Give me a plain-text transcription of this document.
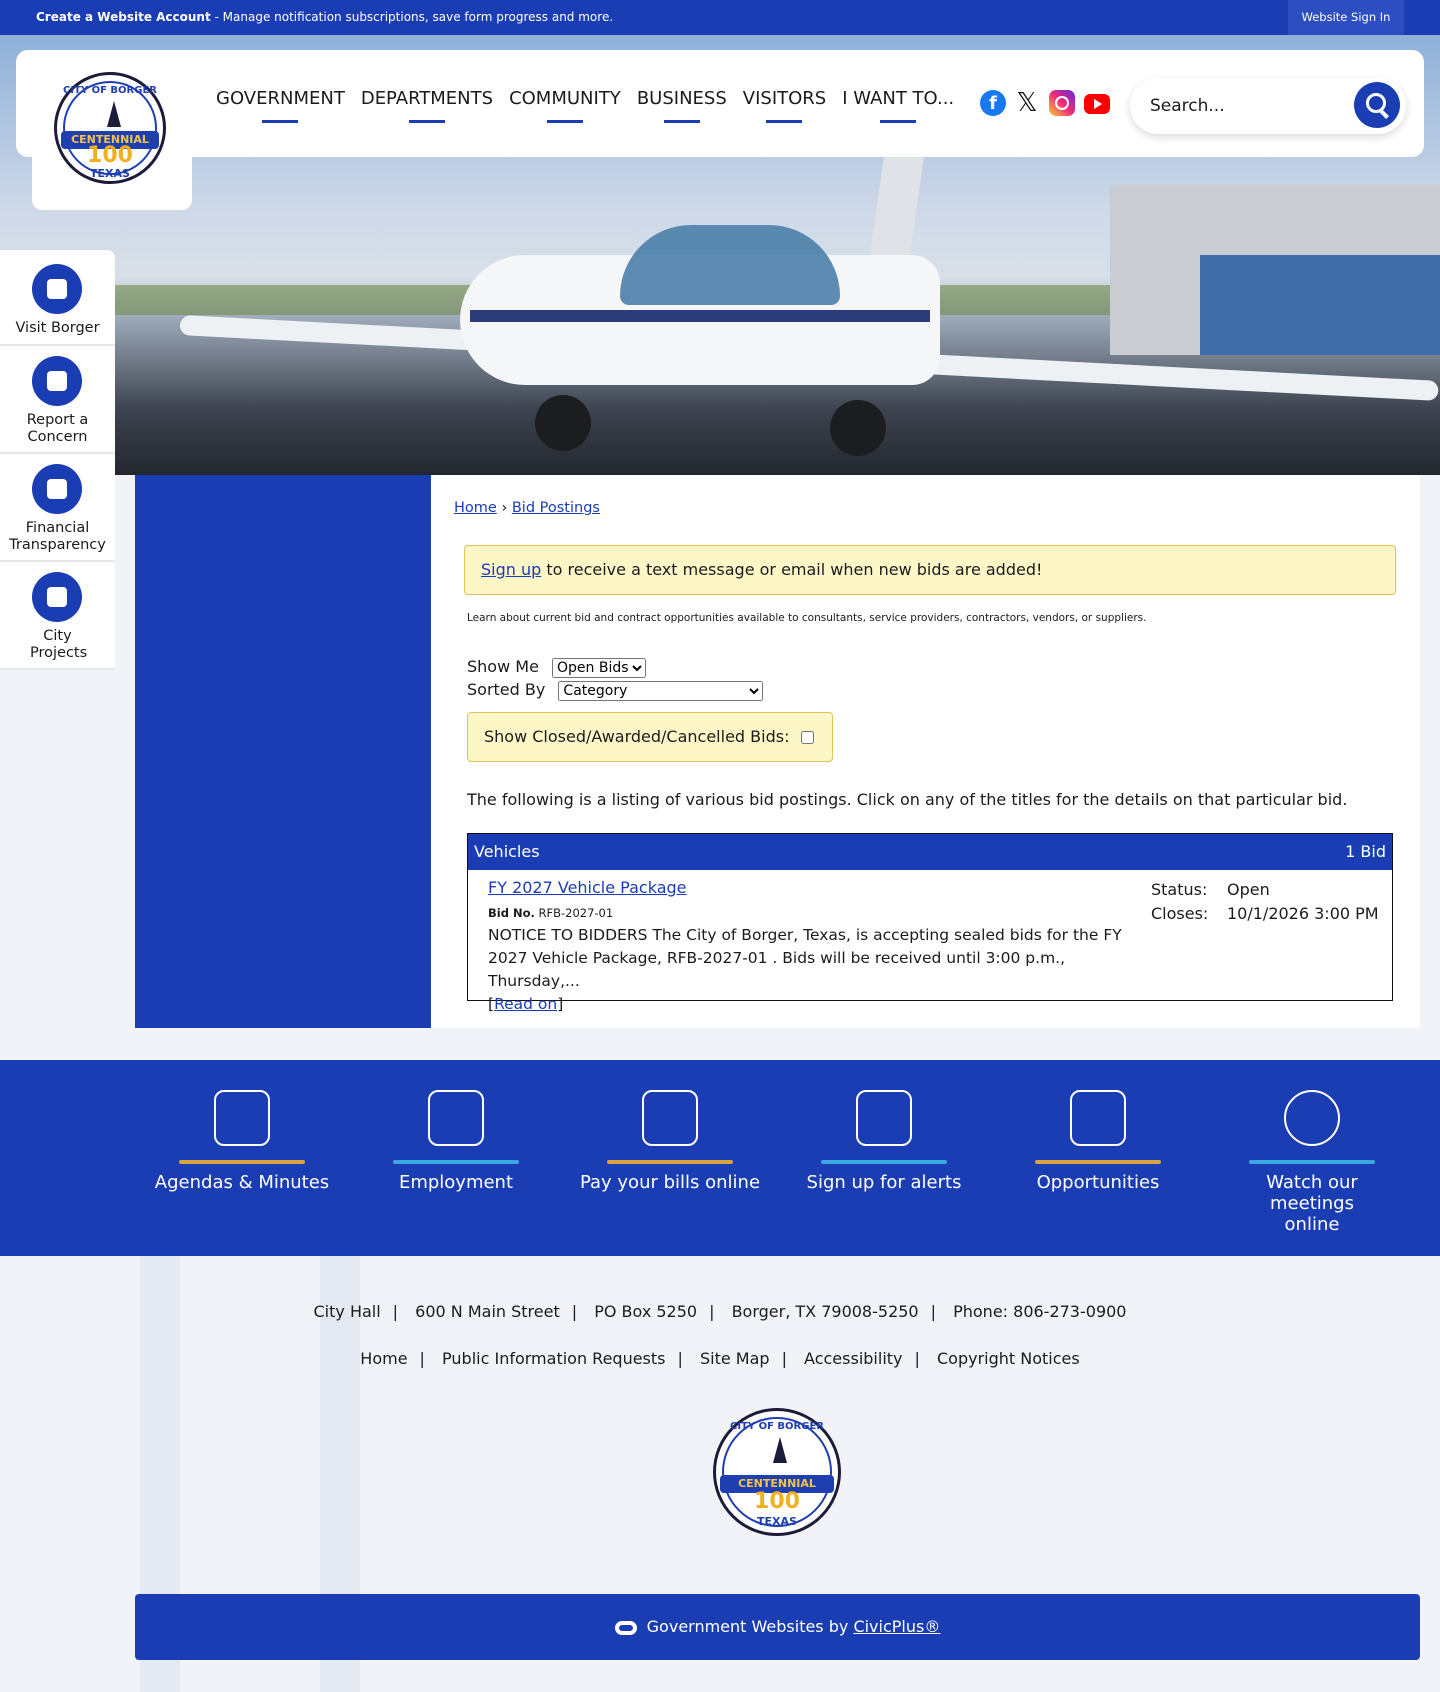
Create a Website Account - Manage notification subscriptions, save form progress and more.	Website Sign In
CITY OF BORGER
CENTENNIAL
100
TEXAS
GOVERNMENT DEPARTMENTS COMMUNITY BUSINESS VISITORS I WANT TO...	f 𝕏
Search...
Visit Borger
Report a Concern
Financial Transparency
City Projects
Home › Bid Postings
Sign up to receive a text message or email when new bids are added!
Learn about current bid and contract opportunities available to consultants, service providers, contractors, vendors, or suppliers.
Show Me
Open Bids
Sorted By
Category
Show Closed/Awarded/Cancelled Bids:
The following is a listing of various bid postings. Click on any of the titles for the details on that particular bid.
Vehicles	1 Bid
FY 2027 Vehicle Package
Bid No. RFB-2027-01
NOTICE TO BIDDERS The City of Borger, Texas, is accepting sealed bids for the FY 2027 Vehicle Package, RFB-2027-01 . Bids will be received until 3:00 p.m., Thursday,...
[Read on]
Status: Open
Closes: 10/1/2026 3:00 PM
Agendas & Minutes	Employment	Pay your bills online	Sign up for alerts	Opportunities	Watch our meetings online
City Hall | 600 N Main Street | PO Box 5250 | Borger, TX 79008-5250 | Phone: 806-273-0900
Home | Public Information Requests | Site Map | Accessibility | Copyright Notices
CITY OF BORGER
CENTENNIAL
100
TEXAS
Government Websites by CivicPlus®
